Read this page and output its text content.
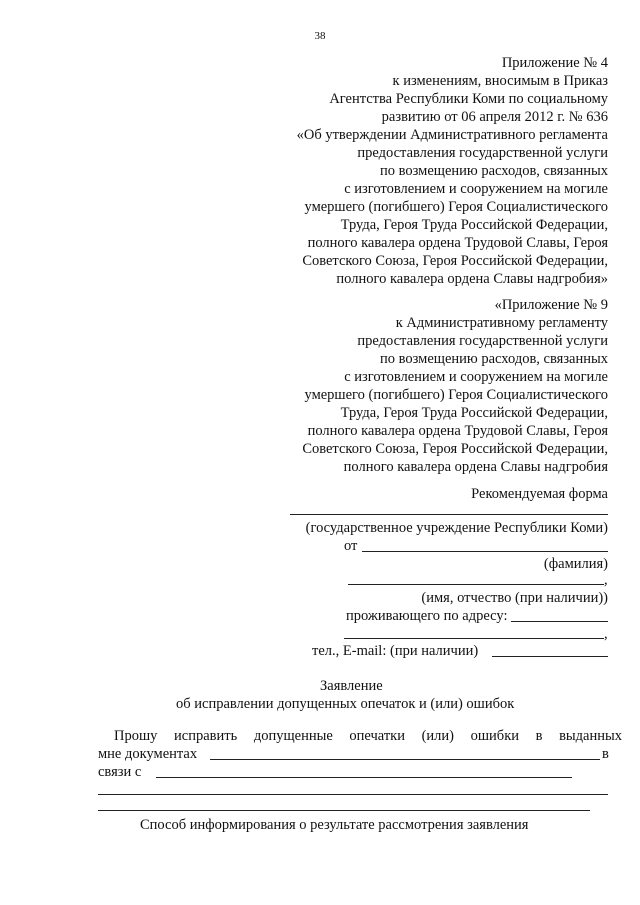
38
Приложение № 4
к изменениям, вносимым в Приказ
Агентства Республики Коми по социальному
развитию от 06 апреля 2012 г. № 636
«Об утверждении Административного регламента
предоставления государственной услуги
по возмещению расходов, связанных
с изготовлением и сооружением на могиле
умершего (погибшего) Героя Социалистического
Труда, Героя Труда Российской Федерации,
полного кавалера ордена Трудовой Славы, Героя
Советского Союза, Героя Российской Федерации,
полного кавалера ордена Славы надгробия»
«Приложение № 9
к Административному регламенту
предоставления государственной услуги
по возмещению расходов, связанных
с изготовлением и сооружением на могиле
умершего (погибшего) Героя Социалистического
Труда, Героя Труда Российской Федерации,
полного кавалера ордена Трудовой Славы, Героя
Советского Союза, Героя Российской Федерации,
полного кавалера ордена Славы надгробия
Рекомендуемая форма
(государственное учреждение Республики Коми)
от
(фамилия)
,
(имя, отчество (при наличии))
проживающего по адресу:
,
тел., E-mail: (при наличии)
Заявление
об исправлении допущенных опечаток и (или) ошибок
Прошу исправить допущенные опечатки (или) ошибки в выданных
мне документах	в
связи с
Способ информирования о результате рассмотрения заявления
